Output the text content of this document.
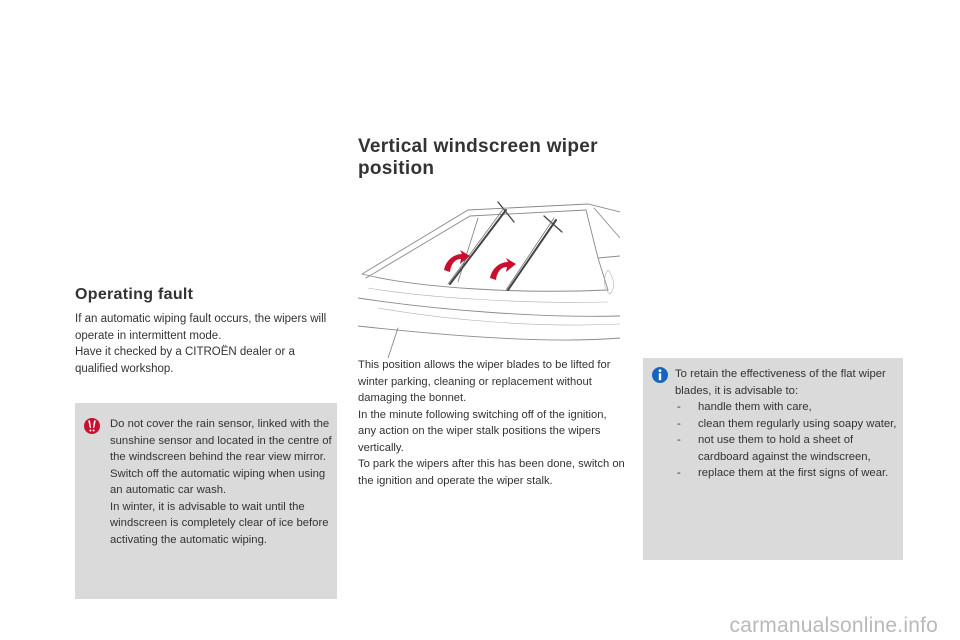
Operating fault

If an automatic wiping fault occurs, the wipers will operate in intermittent mode.

Have it checked by a CITROËN dealer or a qualified workshop.

Do not cover the rain sensor, linked with the sunshine sensor and located in the centre of the windscreen behind the rear view mirror.

Switch off the automatic wiping when using an automatic car wash.

In winter, it is advisable to wait until the windscreen is completely clear of ice before activating the automatic wiping.

Vertical windscreen wiper position

This position allows the wiper blades to be lifted for winter parking, cleaning or replacement without damaging the bonnet.

In the minute following switching off of the ignition, any action on the wiper stalk positions the wipers vertically.

To park the wipers after this has been done, switch on the ignition and operate the wiper stalk.

To retain the effectiveness of the flat wiper blades, it is advisable to:

- handle them with care,
- clean them regularly using soapy water,
- not use them to hold a sheet of cardboard against the windscreen,
- replace them at the first signs of wear.
carmanualsonline.info
